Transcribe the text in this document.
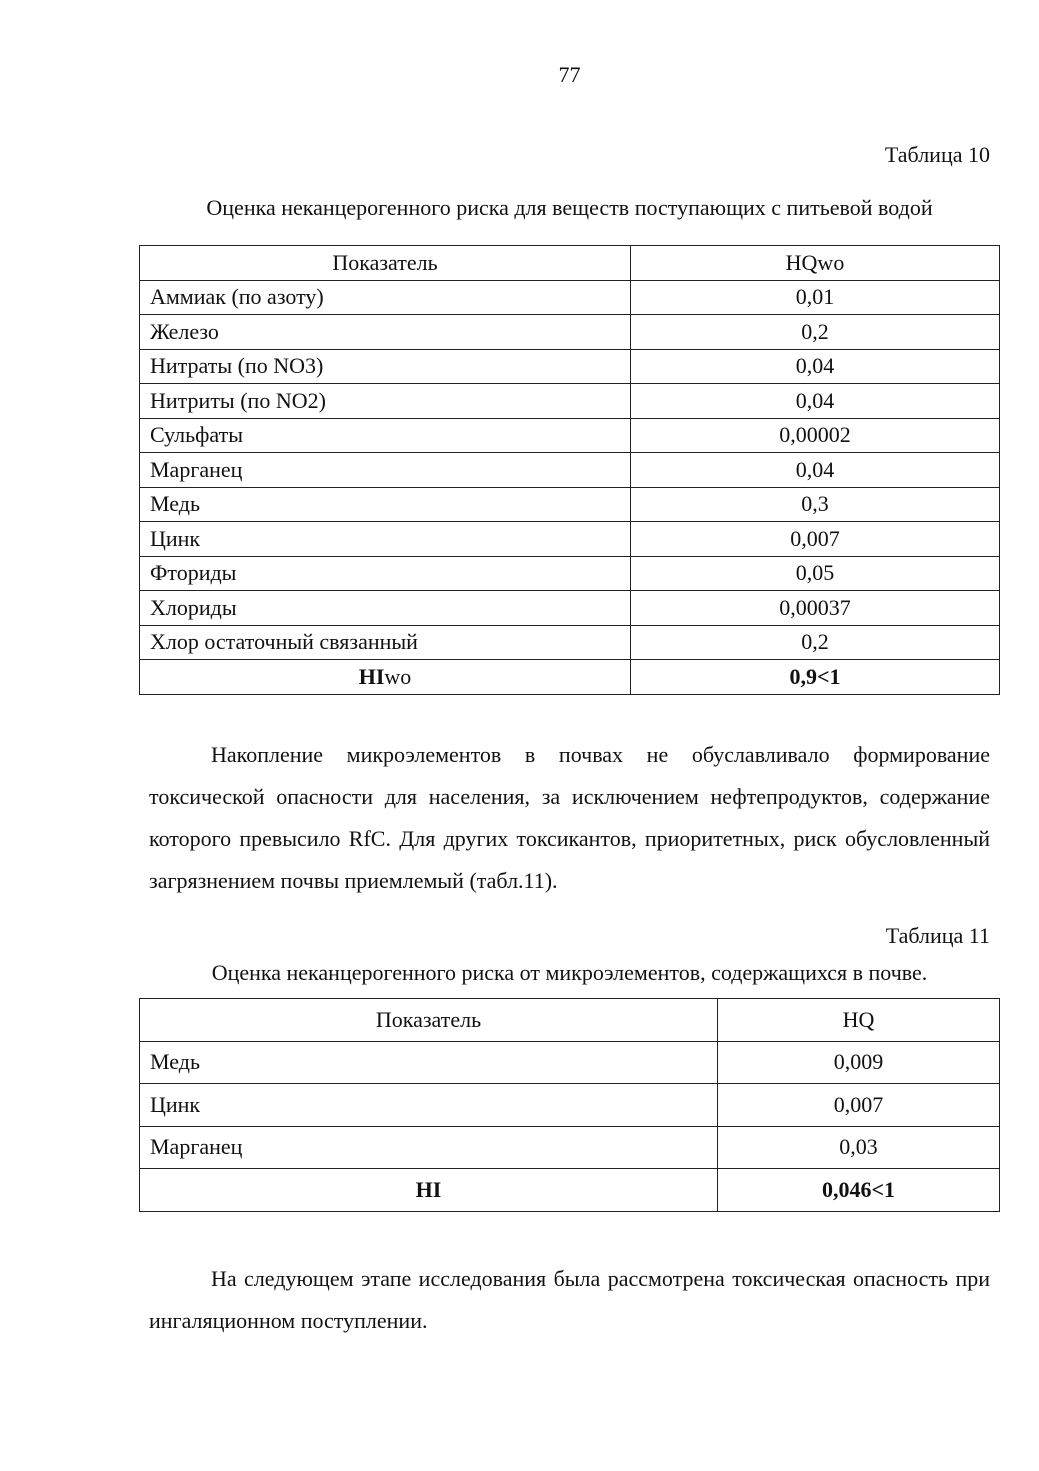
77
Таблица 10
Оценка неканцерогенного риска для веществ поступающих с питьевой водой
Показатель	HQwo
Аммиак (по азоту)	0,01
Железо	0,2
Нитраты (по NO3)	0,04
Нитриты (по NO2)	0,04
Сульфаты	0,00002
Марганец	0,04
Медь	0,3
Цинк	0,007
Фториды	0,05
Хлориды	0,00037
Хлор остаточный связанный	0,2
HIwo	0,9<1

Накопление микроэлементов в почвах не обуславливало формирование токсической опасности для населения, за исключением нефтепродуктов, содержание которого превысило RfC. Для других токсикантов, приоритетных, риск обусловленный загрязнением почвы приемлемый (табл.11).

Таблица 11
Оценка неканцерогенного риска от микроэлементов, содержащихся в почве.
Показатель	HQ
Медь	0,009
Цинк	0,007
Марганец	0,03
HI	0,046<1

На следующем этапе исследования была рассмотрена токсическая опасность при ингаляционном поступлении.
